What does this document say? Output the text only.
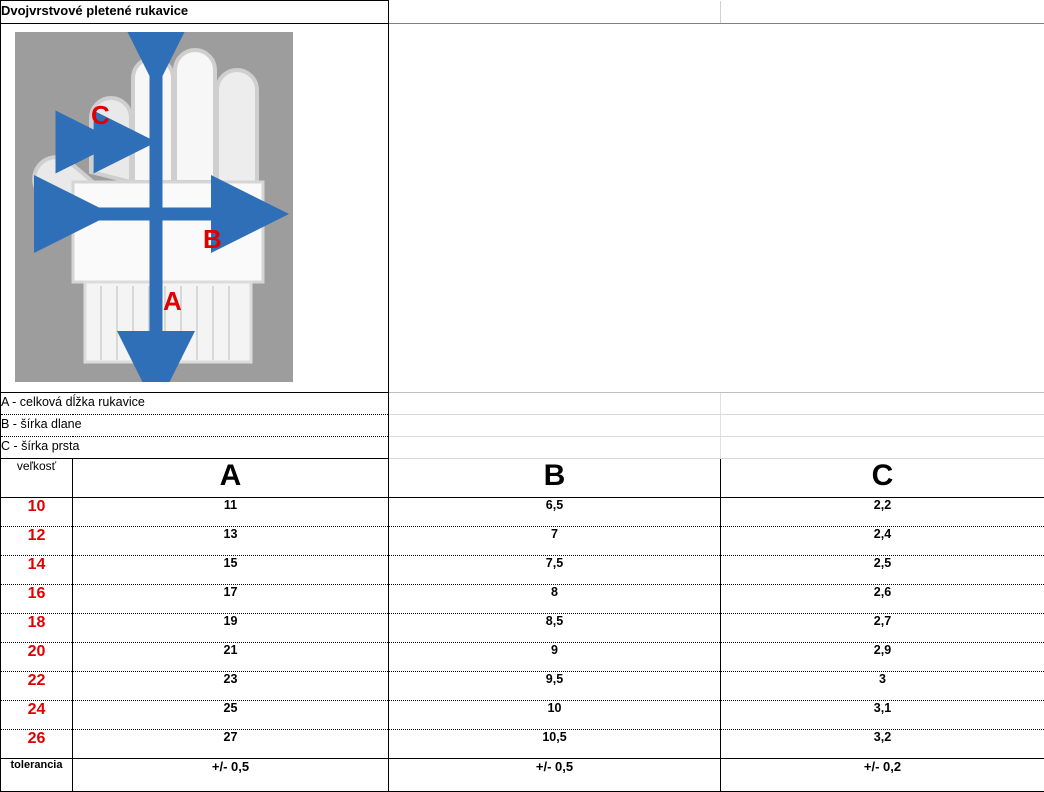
Dvojvrstvové pletené rukavice			

C
B
A			

A - celková dĺžka rukavice			
B - šírka dlane			
C - šírka prsta			
veľkosť	A	B	C
10	11	6,5	2,2
12	13	7	2,4
14	15	7,5	2,5
16	17	8	2,6
18	19	8,5	2,7
20	21	9	2,9
22	23	9,5	3
24	25	10	3,1
26	27	10,5	3,2
tolerancia	+/- 0,5	+/- 0,5	+/- 0,2
